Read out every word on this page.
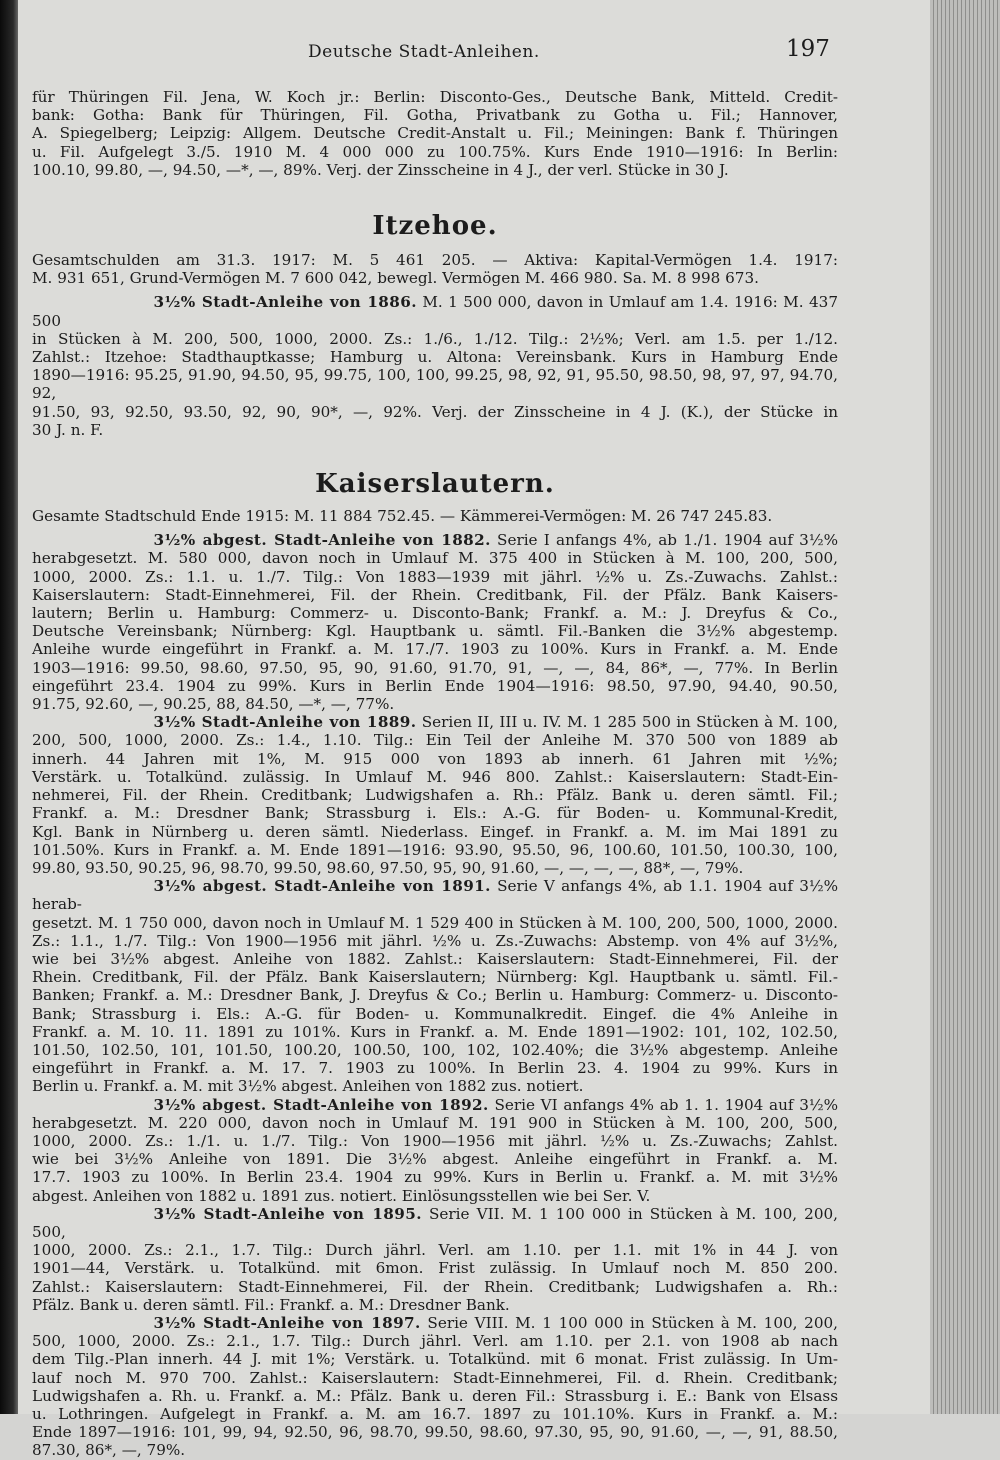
Deutsche Stadt-Anleihen.	197

für Thüringen Fil. Jena, W. Koch jr.: Berlin: Disconto-Ges., Deutsche Bank, Mitteld. Credit-

bank: Gotha: Bank für Thüringen, Fil. Gotha, Privatbank zu Gotha u. Fil.; Hannover,

A. Spiegelberg; Leipzig: Allgem. Deutsche Credit-Anstalt u. Fil.; Meiningen: Bank f. Thüringen

u. Fil. Aufgelegt 3./5. 1910 M. 4 000 000 zu 100.75%. Kurs Ende 1910—1916: In Berlin:

100.10, 99.80, —, 94.50, —*, —, 89%. Verj. der Zinsscheine in 4 J., der verl. Stücke in 30 J.

Itzehoe.

Gesamtschulden am 31.3. 1917: M. 5 461 205. — Aktiva: Kapital-Vermögen 1.4. 1917:

M. 931 651, Grund-Vermögen M. 7 600 042, bewegl. Vermögen M. 466 980. Sa. M. 8 998 673.

        3½% Stadt-Anleihe von 1886. M. 1 500 000, davon in Umlauf am 1.4. 1916: M. 437 500

in Stücken à M. 200, 500, 1000, 2000. Zs.: 1./6., 1./12. Tilg.: 2½%; Verl. am 1.5. per 1./12.

Zahlst.: Itzehoe: Stadthauptkasse; Hamburg u. Altona: Vereinsbank. Kurs in Hamburg Ende

1890—1916: 95.25, 91.90, 94.50, 95, 99.75, 100, 100, 99.25, 98, 92, 91, 95.50, 98.50, 98, 97, 97, 94.70, 92,

91.50, 93, 92.50, 93.50, 92, 90, 90*, —, 92%. Verj. der Zinsscheine in 4 J. (K.), der Stücke in

30 J. n. F.

Kaiserslautern.

Gesamte Stadtschuld Ende 1915: M. 11 884 752.45. — Kämmerei-Vermögen: M. 26 747 245.83.

        3½% abgest. Stadt-Anleihe von 1882. Serie I anfangs 4%, ab 1./1. 1904 auf 3½%

herabgesetzt. M. 580 000, davon noch in Umlauf M. 375 400 in Stücken à M. 100, 200, 500,

1000, 2000. Zs.: 1.1. u. 1./7. Tilg.: Von 1883—1939 mit jährl. ½% u. Zs.-Zuwachs. Zahlst.:

Kaiserslautern: Stadt-Einnehmerei, Fil. der Rhein. Creditbank, Fil. der Pfälz. Bank Kaisers-

lautern; Berlin u. Hamburg: Commerz- u. Disconto-Bank; Frankf. a. M.: J. Dreyfus & Co.,

Deutsche Vereinsbank; Nürnberg: Kgl. Hauptbank u. sämtl. Fil.-Banken die 3½% abgestemp.

Anleihe wurde eingeführt in Frankf. a. M. 17./7. 1903 zu 100%. Kurs in Frankf. a. M. Ende

1903—1916: 99.50, 98.60, 97.50, 95, 90, 91.60, 91.70, 91, —, —, 84, 86*, —, 77%. In Berlin

eingeführt 23.4. 1904 zu 99%. Kurs in Berlin Ende 1904—1916: 98.50, 97.90, 94.40, 90.50,

91.75, 92.60, —, 90.25, 88, 84.50, —*, —, 77%.

        3½% Stadt-Anleihe von 1889. Serien II, III u. IV. M. 1 285 500 in Stücken à M. 100,

200, 500, 1000, 2000. Zs.: 1.4., 1.10. Tilg.: Ein Teil der Anleihe M. 370 500 von 1889 ab

innerh. 44 Jahren mit 1%, M. 915 000 von 1893 ab innerh. 61 Jahren mit ½%;

Verstärk. u. Totalkünd. zulässig. In Umlauf M. 946 800. Zahlst.: Kaiserslautern: Stadt-Ein-

nehmerei, Fil. der Rhein. Creditbank; Ludwigshafen a. Rh.: Pfälz. Bank u. deren sämtl. Fil.;

Frankf. a. M.: Dresdner Bank; Strassburg i. Els.: A.-G. für Boden- u. Kommunal-Kredit,

Kgl. Bank in Nürnberg u. deren sämtl. Niederlass. Eingef. in Frankf. a. M. im Mai 1891 zu

101.50%. Kurs in Frankf. a. M. Ende 1891—1916: 93.90, 95.50, 96, 100.60, 101.50, 100.30, 100,

99.80, 93.50, 90.25, 96, 98.70, 99.50, 98.60, 97.50, 95, 90, 91.60, —, —, —, —, 88*, —, 79%.

        3½% abgest. Stadt-Anleihe von 1891. Serie V anfangs 4%, ab 1.1. 1904 auf 3½% herab-

gesetzt. M. 1 750 000, davon noch in Umlauf M. 1 529 400 in Stücken à M. 100, 200, 500, 1000, 2000.

Zs.: 1.1., 1./7. Tilg.: Von 1900—1956 mit jährl. ½% u. Zs.-Zuwachs: Abstemp. von 4% auf 3½%,

wie bei 3½% abgest. Anleihe von 1882. Zahlst.: Kaiserslautern: Stadt-Einnehmerei, Fil. der

Rhein. Creditbank, Fil. der Pfälz. Bank Kaiserslautern; Nürnberg: Kgl. Hauptbank u. sämtl. Fil.-

Banken; Frankf. a. M.: Dresdner Bank, J. Dreyfus & Co.; Berlin u. Hamburg: Commerz- u. Disconto-

Bank; Strassburg i. Els.: A.-G. für Boden- u. Kommunalkredit. Eingef. die 4% Anleihe in

Frankf. a. M. 10. 11. 1891 zu 101%. Kurs in Frankf. a. M. Ende 1891—1902: 101, 102, 102.50,

101.50, 102.50, 101, 101.50, 100.20, 100.50, 100, 102, 102.40%; die 3½% abgestemp. Anleihe

eingeführt in Frankf. a. M. 17. 7. 1903 zu 100%. In Berlin 23. 4. 1904 zu 99%. Kurs in

Berlin u. Frankf. a. M. mit 3½% abgest. Anleihen von 1882 zus. notiert.

        3½% abgest. Stadt-Anleihe von 1892. Serie VI anfangs 4% ab 1. 1. 1904 auf 3½%

herabgesetzt. M. 220 000, davon noch in Umlauf M. 191 900 in Stücken à M. 100, 200, 500,

1000, 2000. Zs.: 1./1. u. 1./7. Tilg.: Von 1900—1956 mit jährl. ½% u. Zs.-Zuwachs; Zahlst.

wie bei 3½% Anleihe von 1891. Die 3½% abgest. Anleihe eingeführt in Frankf. a. M.

17.7. 1903 zu 100%. In Berlin 23.4. 1904 zu 99%. Kurs in Berlin u. Frankf. a. M. mit 3½%

abgest. Anleihen von 1882 u. 1891 zus. notiert. Einlösungsstellen wie bei Ser. V.

        3½% Stadt-Anleihe von 1895. Serie VII. M. 1 100 000 in Stücken à M. 100, 200, 500,

1000, 2000. Zs.: 2.1., 1.7. Tilg.: Durch jährl. Verl. am 1.10. per 1.1. mit 1% in 44 J. von

1901—44, Verstärk. u. Totalkünd. mit 6mon. Frist zulässig. In Umlauf noch M. 850 200.

Zahlst.: Kaiserslautern: Stadt-Einnehmerei, Fil. der Rhein. Creditbank; Ludwigshafen a. Rh.:

Pfälz. Bank u. deren sämtl. Fil.: Frankf. a. M.: Dresdner Bank.

        3½% Stadt-Anleihe von 1897. Serie VIII. M. 1 100 000 in Stücken à M. 100, 200,

500, 1000, 2000. Zs.: 2.1., 1.7. Tilg.: Durch jährl. Verl. am 1.10. per 2.1. von 1908 ab nach

dem Tilg.-Plan innerh. 44 J. mit 1%; Verstärk. u. Totalkünd. mit 6 monat. Frist zulässig. In Um-

lauf noch M. 970 700. Zahlst.: Kaiserslautern: Stadt-Einnehmerei, Fil. d. Rhein. Creditbank;

Ludwigshafen a. Rh. u. Frankf. a. M.: Pfälz. Bank u. deren Fil.: Strassburg i. E.: Bank von Elsass

u. Lothringen. Aufgelegt in Frankf. a. M. am 16.7. 1897 zu 101.10%. Kurs in Frankf. a. M.:

Ende 1897—1916: 101, 99, 94, 92.50, 96, 98.70, 99.50, 98.60, 97.30, 95, 90, 91.60, —, —, 91, 88.50,

87.30, 86*, —, 79%.
